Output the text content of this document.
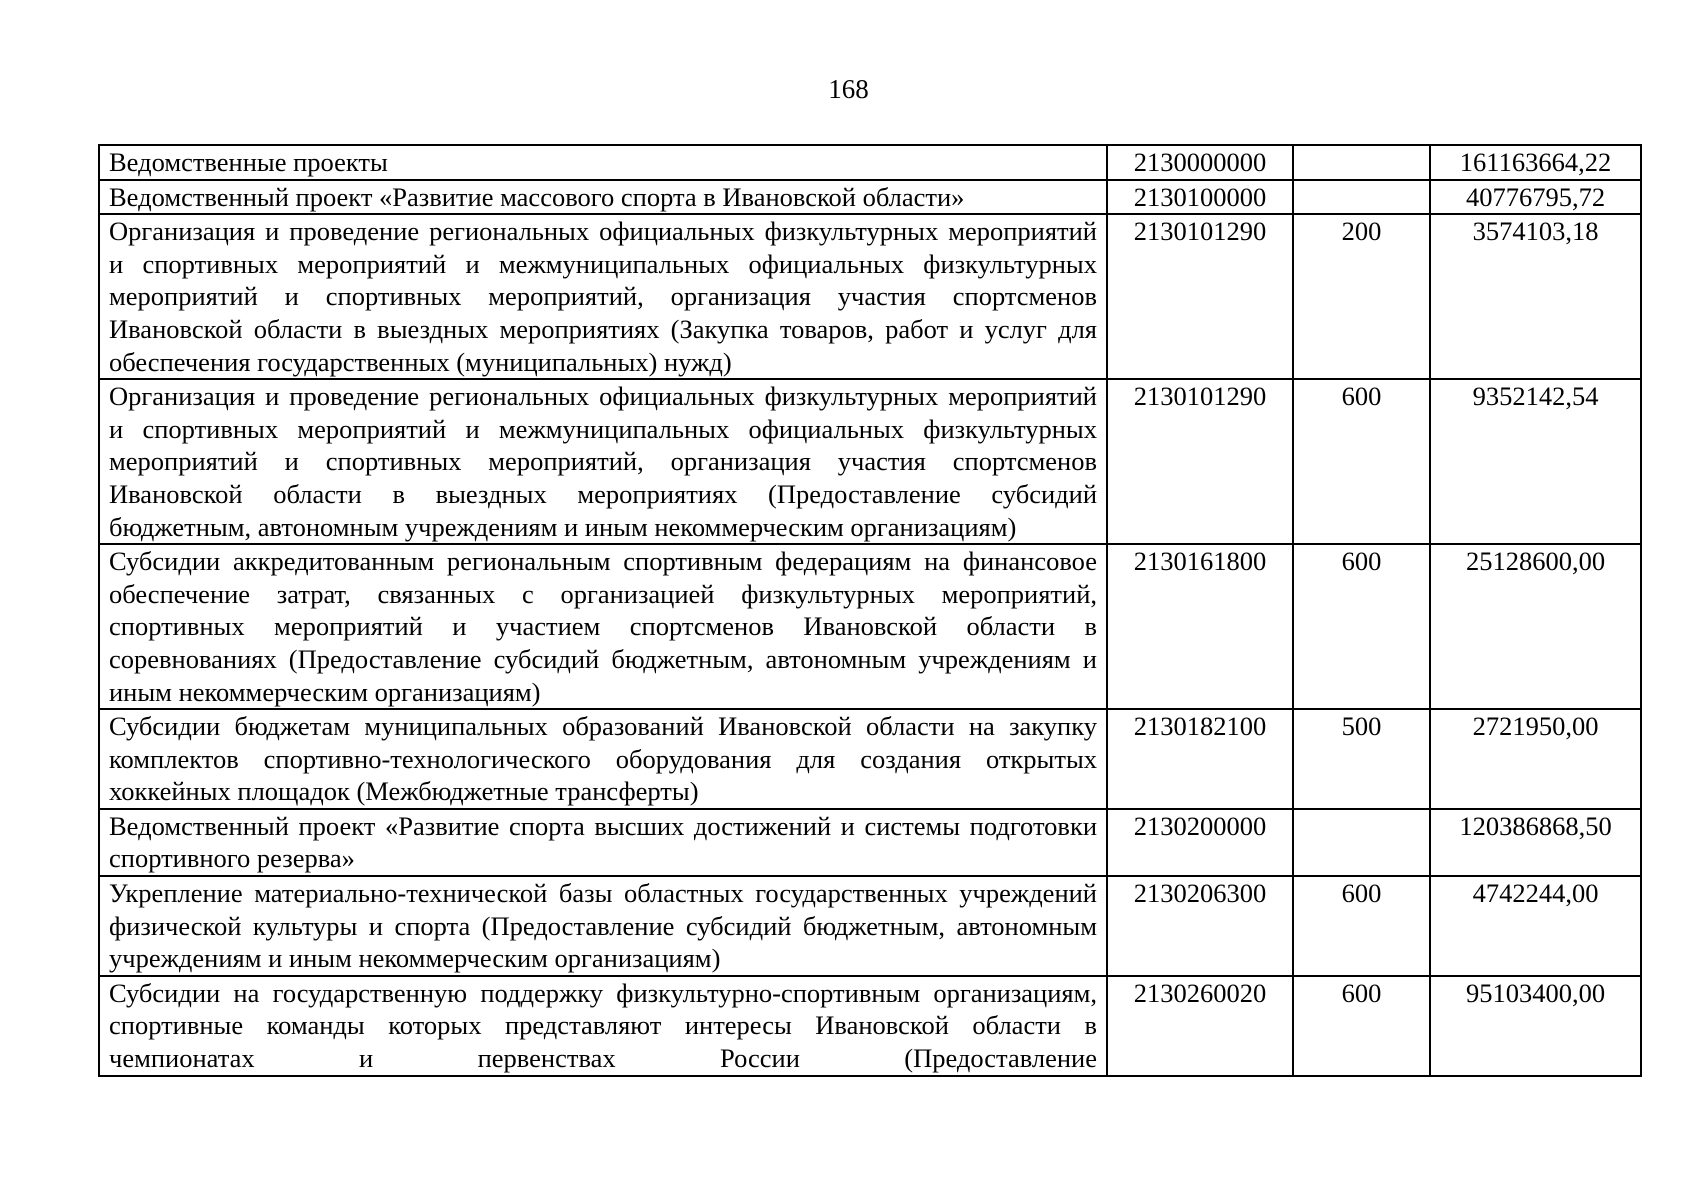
168
Ведомственные проекты	2130000000		161163664,22
Ведомственный проект «Развитие массового спорта в Ивановской области»	2130100000		40776795,72
Организация и проведение региональных официальных физкультурных мероприятий и спортивных мероприятий и межмуниципальных официальных физкультурных мероприятий и спортивных мероприятий, организация участия спортсменов Ивановской области в выездных мероприятиях (Закупка товаров, работ и услуг для обеспечения государственных (муниципальных) нужд)	2130101290	200	3574103,18
Организация и проведение региональных официальных физкультурных мероприятий и спортивных мероприятий и межмуниципальных официальных физкультурных мероприятий и спортивных мероприятий, организация участия спортсменов Ивановской области в выездных мероприятиях (Предоставление субсидий бюджетным, автономным учреждениям и иным некоммерческим организациям)	2130101290	600	9352142,54
Субсидии аккредитованным региональным спортивным федерациям на финансовое обеспечение затрат, связанных с организацией физкультурных мероприятий, спортивных мероприятий и участием спортсменов Ивановской области в соревнованиях (Предоставление субсидий бюджетным, автономным учреждениям и иным некоммерческим организациям)	2130161800	600	25128600,00
Субсидии бюджетам муниципальных образований Ивановской области на закупку комплектов спортивно-технологического оборудования для создания открытых хоккейных площадок (Межбюджетные трансферты)	2130182100	500	2721950,00
Ведомственный проект «Развитие спорта высших достижений и системы подготовки спортивного резерва»	2130200000		120386868,50
Укрепление материально-технической базы областных государственных учреждений физической культуры и спорта (Предоставление субсидий бюджетным, автономным учреждениям и иным некоммерческим организациям)	2130206300	600	4742244,00
Субсидии на государственную поддержку физкультурно-спортивным организациям, спортивные команды которых представляют интересы Ивановской области в чемпионатах и первенствах России (Предоставление	2130260020	600	95103400,00
